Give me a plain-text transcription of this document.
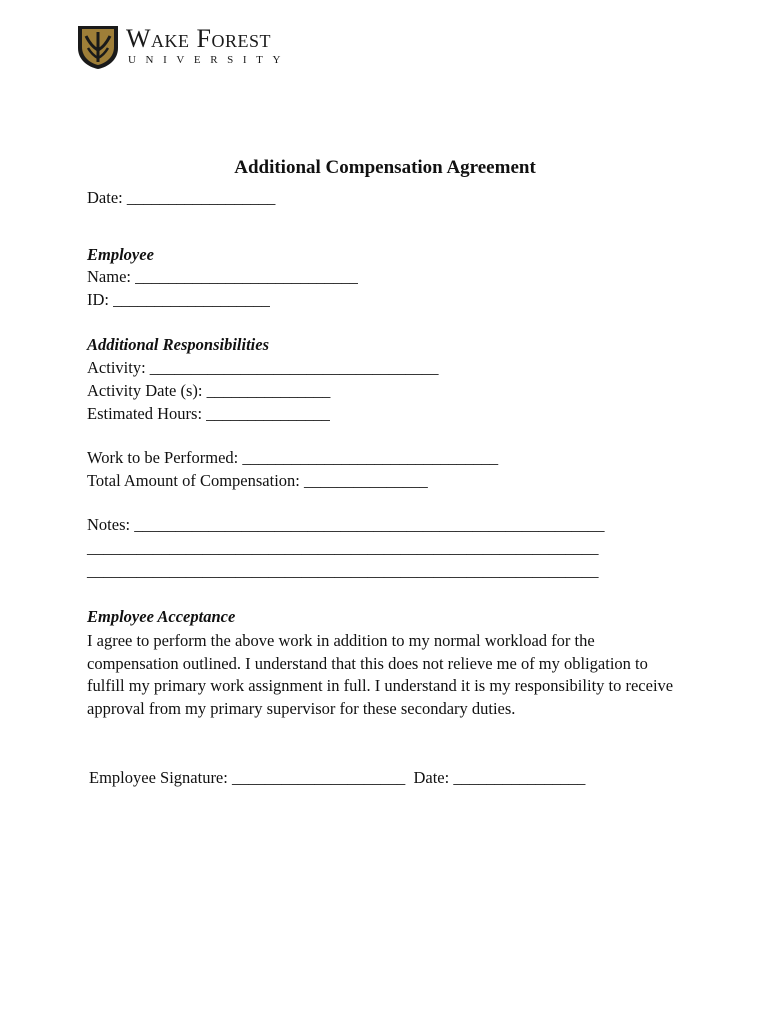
Wake Forest
UNIVERSITY
Additional Compensation Agreement
Date: __________________
Employee
Name: ___________________________
ID: ___________________
Additional Responsibilities
Activity: ___________________________________
Activity Date (s): _______________
Estimated Hours: _______________
Work to be Performed: _______________________________
Total Amount of Compensation: _______________
Notes: _________________________________________________________
______________________________________________________________
______________________________________________________________
Employee Acceptance
I agree to perform the above work in addition to my normal workload for the compensation outlined. I understand that this does not relieve me of my obligation to fulfill my primary work assignment in full. I understand it is my responsibility to receive approval from my primary supervisor for these secondary duties.
Employee Signature: _____________________  Date: ________________
